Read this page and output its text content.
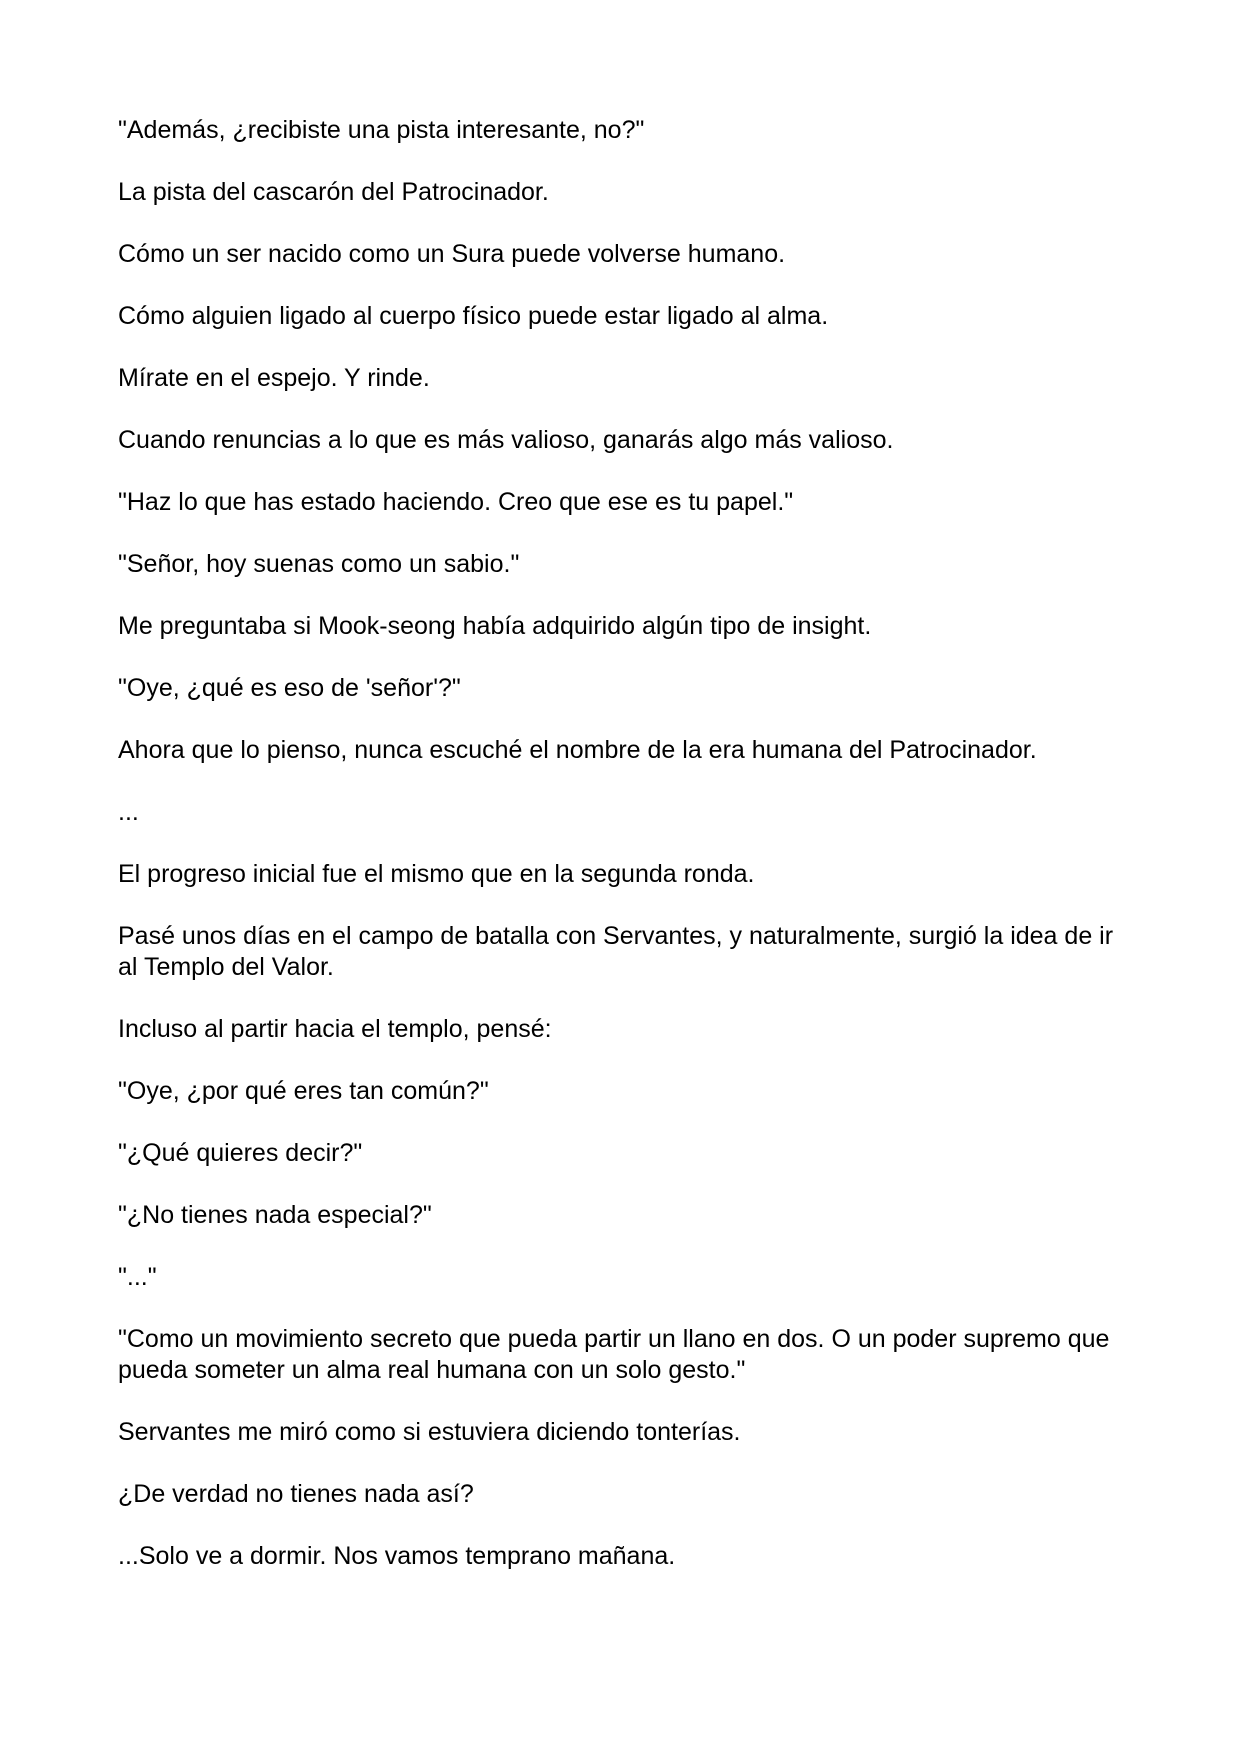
"Además, ¿recibiste una pista interesante, no?"

La pista del cascarón del Patrocinador.

Cómo un ser nacido como un Sura puede volverse humano.

Cómo alguien ligado al cuerpo físico puede estar ligado al alma.

Mírate en el espejo. Y rinde.

Cuando renuncias a lo que es más valioso, ganarás algo más valioso.

"Haz lo que has estado haciendo. Creo que ese es tu papel."

"Señor, hoy suenas como un sabio."

Me preguntaba si Mook-seong había adquirido algún tipo de insight.

"Oye, ¿qué es eso de 'señor'?"

Ahora que lo pienso, nunca escuché el nombre de la era humana del Patrocinador.

...

El progreso inicial fue el mismo que en la segunda ronda.

Pasé unos días en el campo de batalla con Servantes, y naturalmente, surgió la idea de ir al Templo del Valor.

Incluso al partir hacia el templo, pensé:

"Oye, ¿por qué eres tan común?"

"¿Qué quieres decir?"

"¿No tienes nada especial?"

"..."

"Como un movimiento secreto que pueda partir un llano en dos. O un poder supremo que pueda someter un alma real humana con un solo gesto."

Servantes me miró como si estuviera diciendo tonterías.

¿De verdad no tienes nada así?

...Solo ve a dormir. Nos vamos temprano mañana.
